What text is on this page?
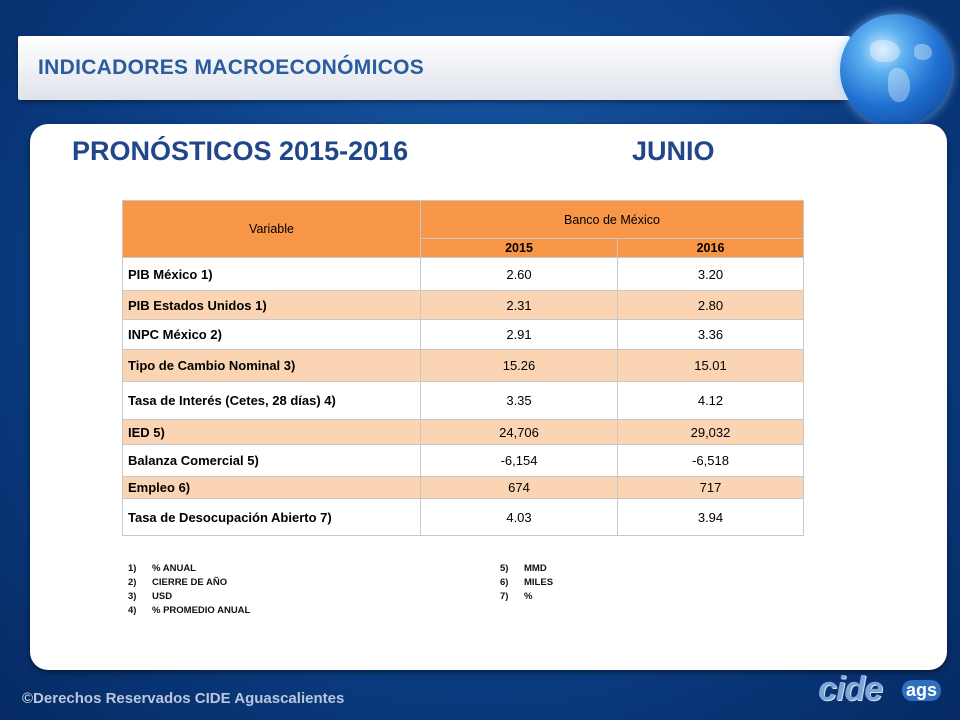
INDICADORES MACROECONÓMICOS
PRONÓSTICOS 2015-2016	JUNIO
Variable	Banco de México	
	2015	2016
PIB México 1)	2.60	3.20
PIB Estados Unidos 1)	2.31	2.80
INPC México 2)	2.91	3.36
Tipo de Cambio Nominal 3)	15.26	15.01
Tasa de Interés (Cetes, 28 días) 4)	3.35	4.12
IED 5)	24,706	29,032
Balanza Comercial 5)	-6,154	-6,518
Empleo 6)	674	717
Tasa de Desocupación Abierto 7)	4.03	3.94
1) % ANUAL
2) CIERRE DE AÑO
3) USD
4) % PROMEDIO ANUAL
5) MMD
6) MILES
7) %
©Derechos Reservados CIDE Aguascalientes	cide ags
